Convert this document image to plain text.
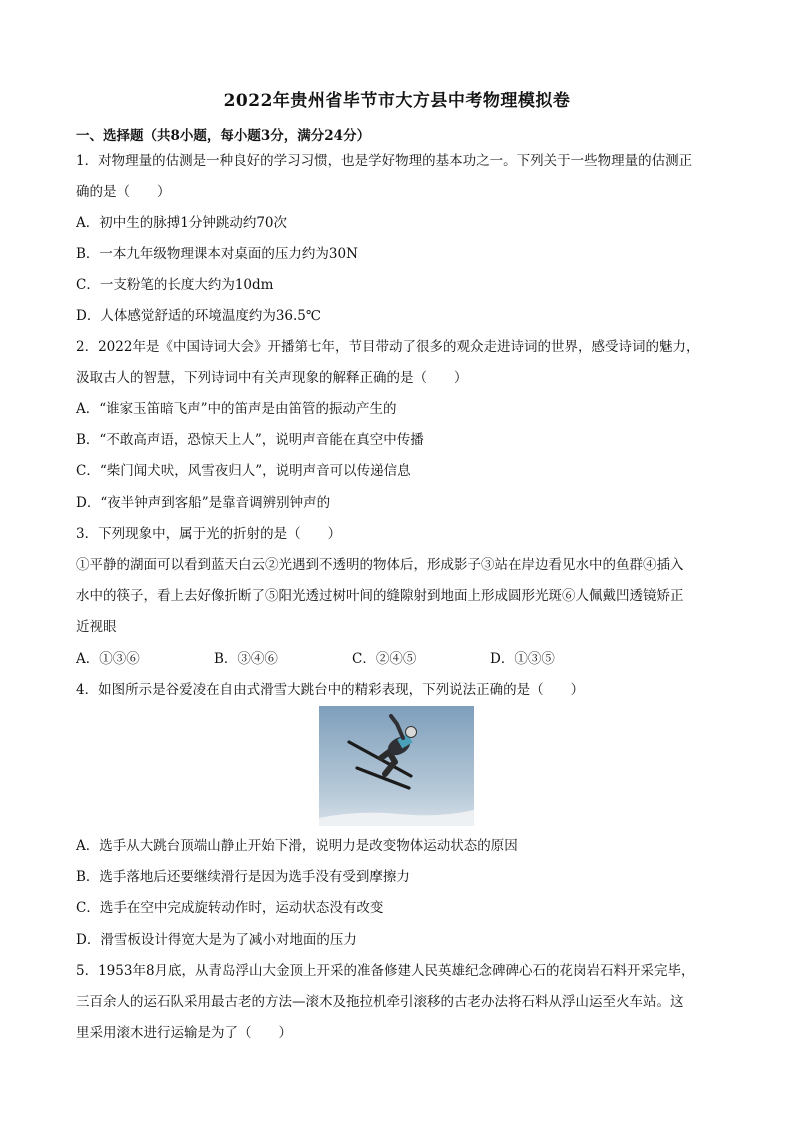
2022年贵州省毕节市大方县中考物理模拟卷
一、选择题（共8小题，每小题3分，满分24分）
1．对物理量的估测是一种良好的学习习惯，也是学好物理的基本功之一。下列关于一些物理量的估测正
确的是（　　）
A．初中生的脉搏1分钟跳动约70次
B．一本九年级物理课本对桌面的压力约为30N
C．一支粉笔的长度大约为10dm
D．人体感觉舒适的环境温度约为36.5℃
2．2022年是《中国诗词大会》开播第七年，节目带动了很多的观众走进诗词的世界，感受诗词的魅力，
汲取古人的智慧，下列诗词中有关声现象的解释正确的是（　　）
A．“谁家玉笛暗飞声”中的笛声是由笛管的振动产生的
B．“不敢高声语，恐惊天上人”，说明声音能在真空中传播
C．“柴门闻犬吠，风雪夜归人”，说明声音可以传递信息
D．“夜半钟声到客船”是靠音调辨别钟声的
3．下列现象中，属于光的折射的是（　　）
①平静的湖面可以看到蓝天白云②光遇到不透明的物体后，形成影子③站在岸边看见水中的鱼群④插入
水中的筷子，看上去好像折断了⑤阳光透过树叶间的缝隙射到地面上形成圆形光斑⑥人佩戴凹透镜矫正
近视眼
A．①③⑥	B．③④⑥	C．②④⑤	D．①③⑤
4．如图所示是谷爱凌在自由式滑雪大跳台中的精彩表现，下列说法正确的是（　　）
A．选手从大跳台顶端山静止开始下滑，说明力是改变物体运动状态的原因
B．选手落地后还要继续滑行是因为选手没有受到摩擦力
C．选手在空中完成旋转动作时，运动状态没有改变
D．滑雪板设计得宽大是为了减小对地面的压力
5．1953年8月底，从青岛浮山大金顶上开采的准备修建人民英雄纪念碑碑心石的花岗岩石料开采完毕，
三百余人的运石队采用最古老的方法—滚木及拖拉机牵引滚移的古老办法将石料从浮山运至火车站。这
里采用滚木进行运输是为了（　　）
